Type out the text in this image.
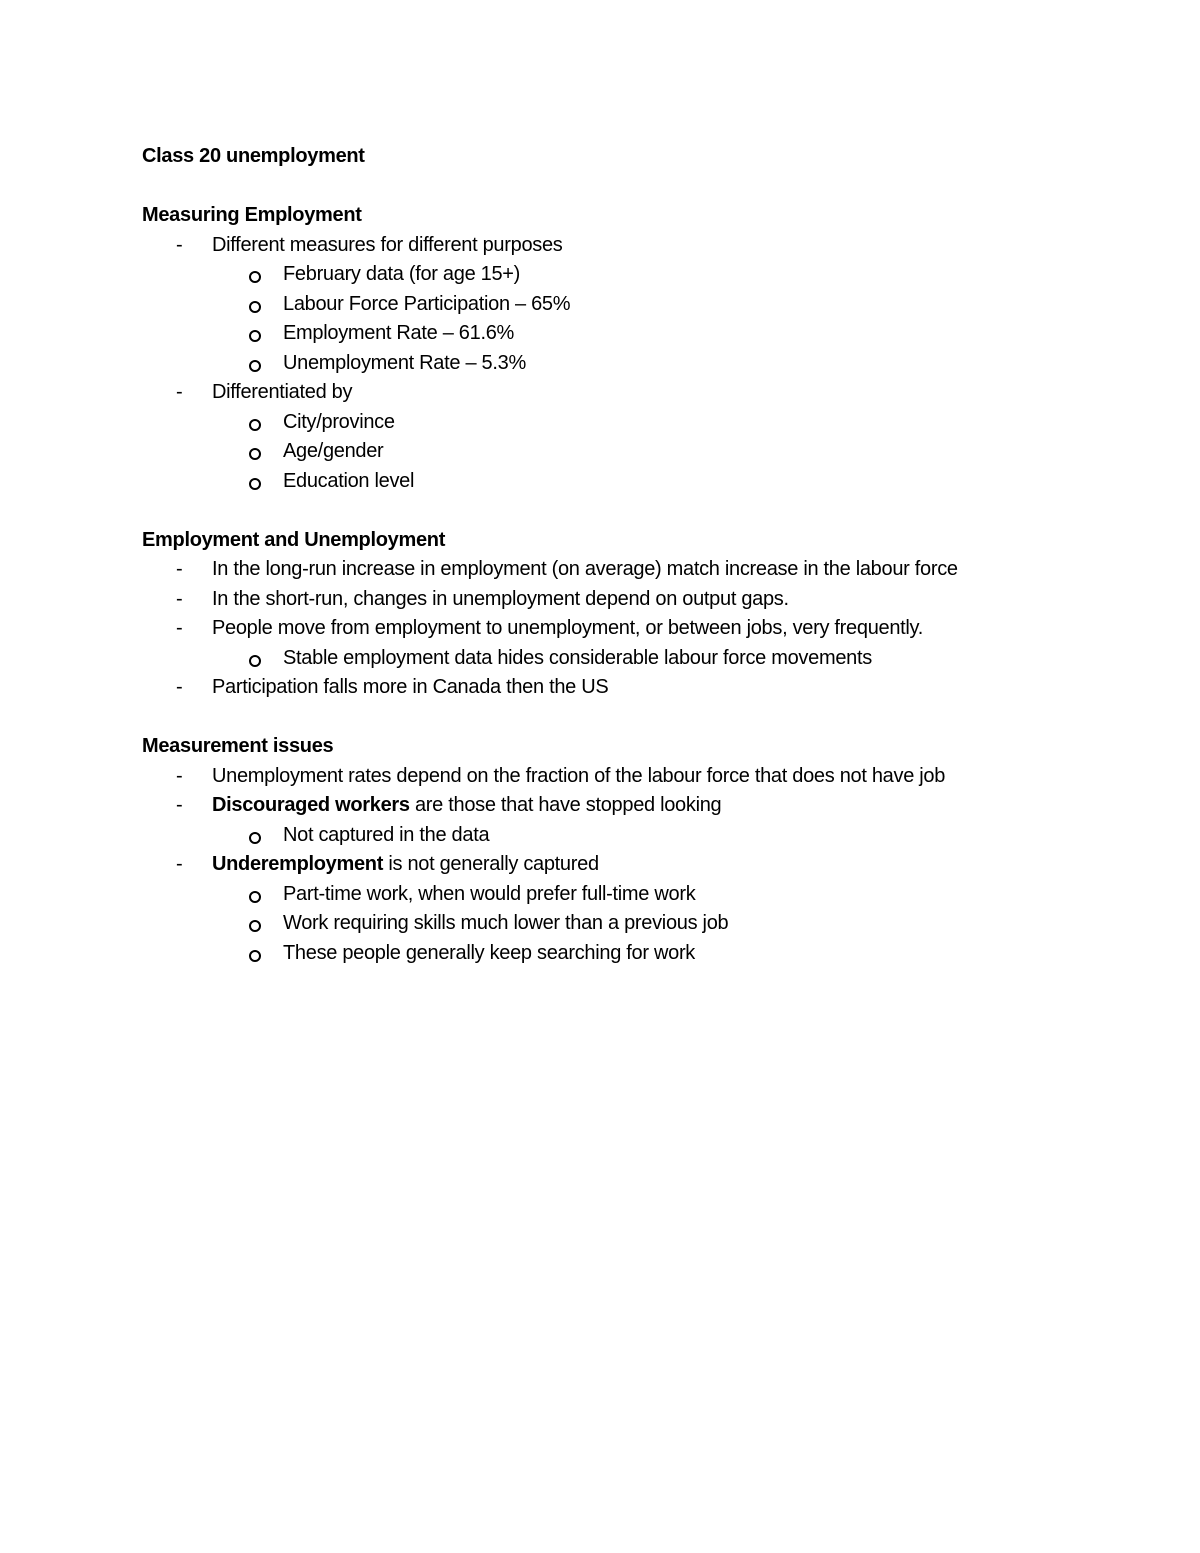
Class 20 unemployment
Measuring Employment
- Different measures for different purposes
February data (for age 15+)
Labour Force Participation – 65%
Employment Rate – 61.6%
Unemployment Rate – 5.3%
- Differentiated by
City/province
Age/gender
Education level
Employment and Unemployment
- In the long-run increase in employment (on average) match increase in the labour force
- In the short-run, changes in unemployment depend on output gaps.
- People move from employment to unemployment, or between jobs, very frequently.
Stable employment data hides considerable labour force movements
- Participation falls more in Canada then the US
Measurement issues
- Unemployment rates depend on the fraction of the labour force that does not have job
- Discouraged workers are those that have stopped looking
Not captured in the data
- Underemployment is not generally captured
Part-time work, when would prefer full-time work
Work requiring skills much lower than a previous job
These people generally keep searching for work
